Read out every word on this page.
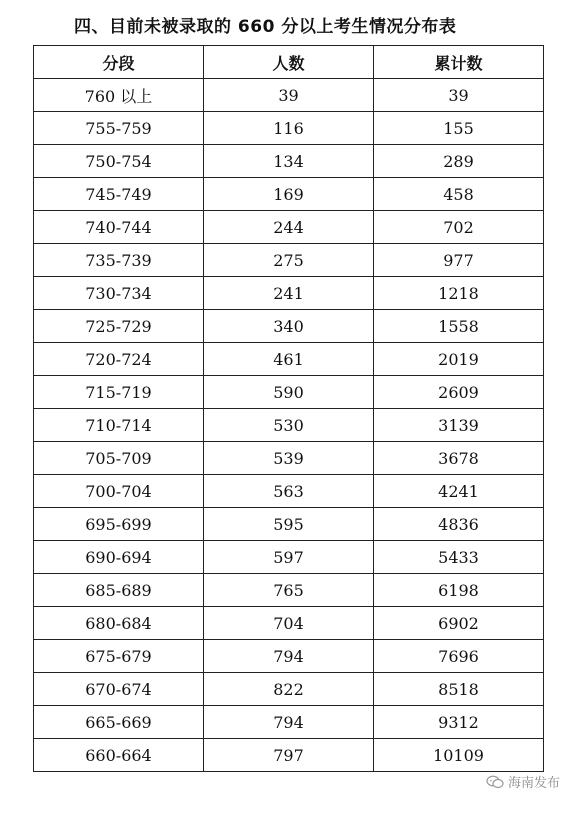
四、目前未被录取的 660 分以上考生情况分布表
分段	人数	累计数
760 以上	39	39
755-759	116	155
750-754	134	289
745-749	169	458
740-744	244	702
735-739	275	977
730-734	241	1218
725-729	340	1558
720-724	461	2019
715-719	590	2609
710-714	530	3139
705-709	539	3678
700-704	563	4241
695-699	595	4836
690-694	597	5433
685-689	765	6198
680-684	704	6902
675-679	794	7696
670-674	822	8518
665-669	794	9312
660-664	797	10109
海南发布
